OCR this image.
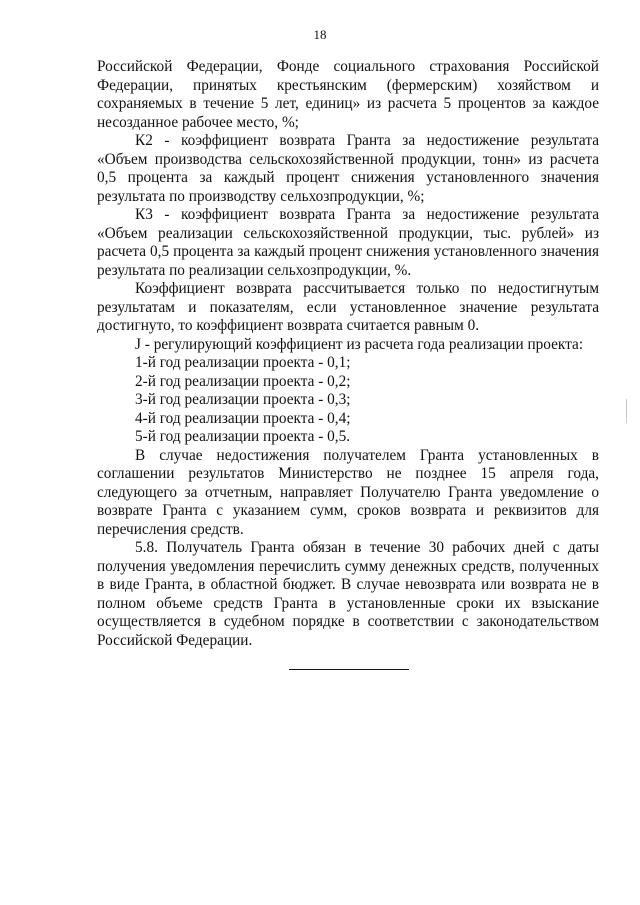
18

Российской Федерации, Фонде социального страхования Российской Федерации, принятых крестьянским (фермерским) хозяйством и сохраняемых в течение 5 лет, единиц» из расчета 5 процентов за каждое несозданное рабочее место, %;

К2 - коэффициент возврата Гранта за недостижение результата «Объем производства сельскохозяйственной продукции, тонн» из расчета 0,5 процента за каждый процент снижения установленного значения результата по производству сельхозпродукции, %;

К3 - коэффициент возврата Гранта за недостижение результата «Объем реализации сельскохозяйственной продукции, тыс. рублей» из расчета 0,5 процента за каждый процент снижения установленного значения результата по реализации сельхозпродукции, %.

Коэффициент возврата рассчитывается только по недостигнутым результатам и показателям, если установленное значение результата достигнуто, то коэффициент возврата считается равным 0.

J - регулирующий коэффициент из расчета года реализации проекта:

1-й год реализации проекта - 0,1;

2-й год реализации проекта - 0,2;

3-й год реализации проекта - 0,3;

4-й год реализации проекта - 0,4;

5-й год реализации проекта - 0,5.

В случае недостижения получателем Гранта установленных в соглашении результатов Министерство не позднее 15 апреля года, следующего за отчетным, направляет Получателю Гранта уведомление о возврате Гранта с указанием сумм, сроков возврата и реквизитов для перечисления средств.

5.8. Получатель Гранта обязан в течение 30 рабочих дней с даты получения уведомления перечислить сумму денежных средств, полученных в виде Гранта, в областной бюджет. В случае невозврата или возврата не в полном объеме средств Гранта в установленные сроки их взыскание осуществляется в судебном порядке в соответствии с законодательством Российской Федерации.
